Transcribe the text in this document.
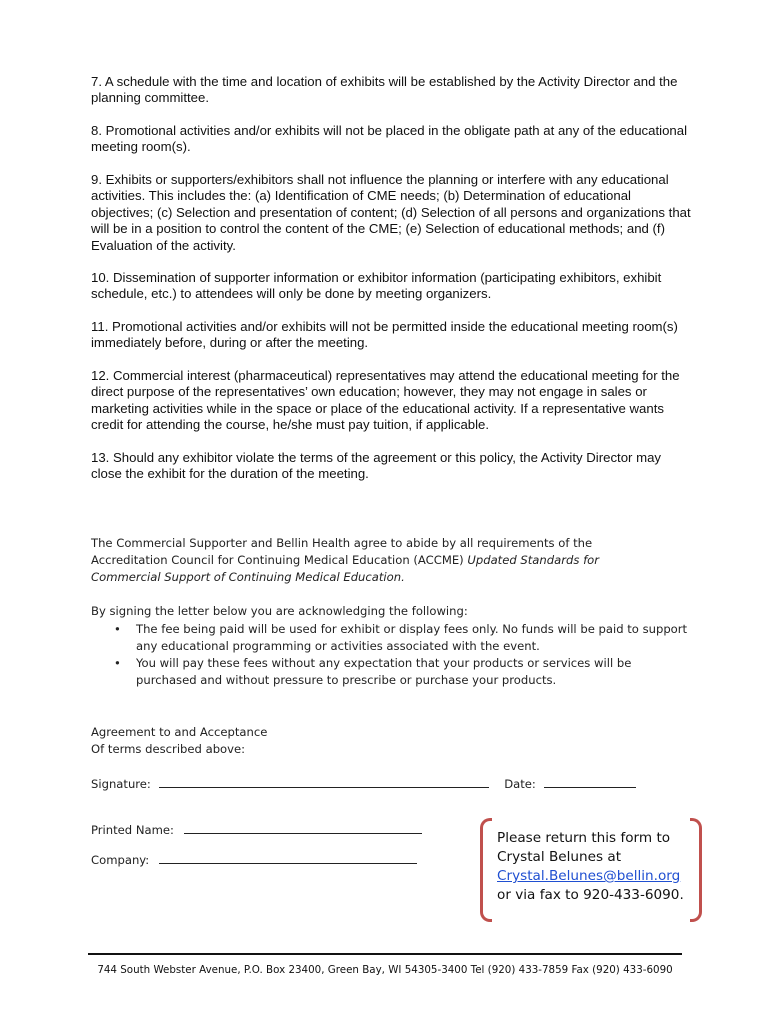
7. A schedule with the time and location of exhibits will be established by the Activity Director and the planning committee.

8. Promotional activities and/or exhibits will not be placed in the obligate path at any of the educational meeting room(s).

9. Exhibits or supporters/exhibitors shall not influence the planning or interfere with any educational activities. This includes the: (a) Identification of CME needs; (b) Determination of educational objectives; (c) Selection and presentation of content; (d) Selection of all persons and organizations that will be in a position to control the content of the CME; (e) Selection of educational methods; and (f) Evaluation of the activity.

10. Dissemination of supporter information or exhibitor information (participating exhibitors, exhibit schedule, etc.) to attendees will only be done by meeting organizers.

11. Promotional activities and/or exhibits will not be permitted inside the educational meeting room(s) immediately before, during or after the meeting.

12. Commercial interest (pharmaceutical) representatives may attend the educational meeting for the direct purpose of the representatives’ own education; however, they may not engage in sales or marketing activities while in the space or place of the educational activity. If a representative wants credit for attending the course, he/she must pay tuition, if applicable.

13. Should any exhibitor violate the terms of the agreement or this policy, the Activity Director may close the exhibit for the duration of the meeting.

The Commercial Supporter and Bellin Health agree to abide by all requirements of the Accreditation Council for Continuing Medical Education (ACCME) Updated Standards for Commercial Support of Continuing Medical Education.

By signing the letter below you are acknowledging the following:

• The fee being paid will be used for exhibit or display fees only. No funds will be paid to support any educational programming or activities associated with the event.
• You will pay these fees without any expectation that your products or services will be purchased and without pressure to prescribe or purchase your products.

Agreement to and Acceptance

Of terms described above:

Signature:	Date:
Printed Name:
Company:
Please return this form to
Crystal Belunes at
Crystal.Belunes@bellin.org
or via fax to 920-433-6090.
744 South Webster Avenue, P.O. Box 23400, Green Bay, WI 54305-3400 Tel (920) 433-7859 Fax (920) 433-6090
